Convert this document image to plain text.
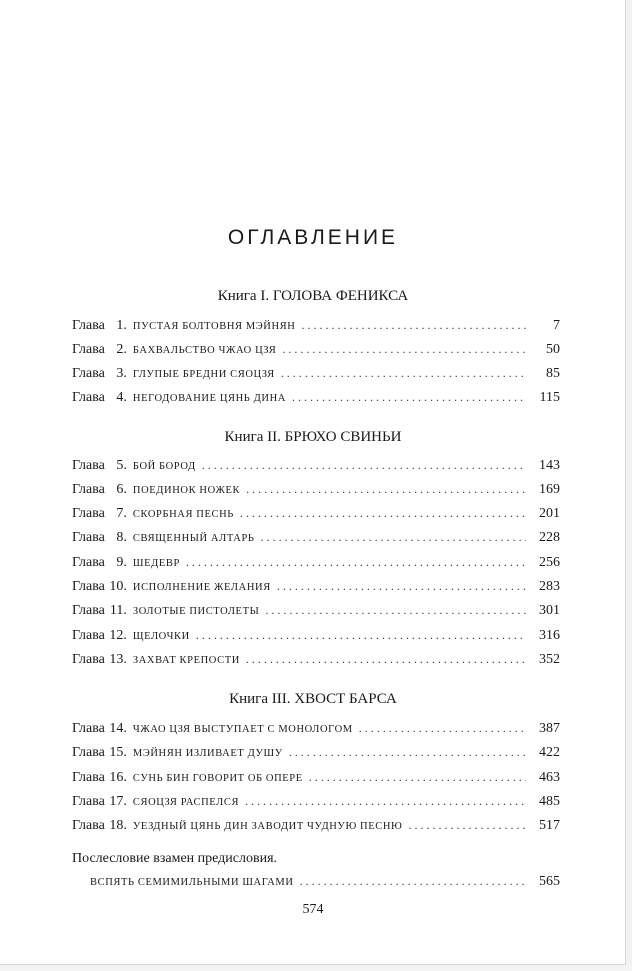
ОГЛАВЛЕНИЕ
Книга I. ГОЛОВА ФЕНИКСА
Глава 1. ПУСТАЯ БОЛТОВНЯ МЭЙНЯН . . .	7
Глава 2. БАХВАЛЬСТВО ЧЖАО ЦЗЯ . . .	50
Глава 3. ГЛУПЫЕ БРЕДНИ СЯОЦЗЯ . . .	85
Глава 4. НЕГОДОВАНИЕ ЦЯНЬ ДИНА . . .	115
Книга II. БРЮХО СВИНЬИ
Глава 5. БОЙ БОРОД . . .	143
Глава 6. ПОЕДИНОК НОЖЕК . . .	169
Глава 7. СКОРБНАЯ ПЕСНЬ . . .	201
Глава 8. СВЯЩЕННЫЙ АЛТАРЬ . . .	228
Глава 9. ШЕДЕВР . . .	256
Глава 10. ИСПОЛНЕНИЕ ЖЕЛАНИЯ . . .	283
Глава 11. ЗОЛОТЫЕ ПИСТОЛЕТЫ . . .	301
Глава 12. ЩЕЛОЧКИ . . .	316
Глава 13. ЗАХВАТ КРЕПОСТИ . . .	352
Книга III. ХВОСТ БАРСА
Глава 14. ЧЖАО ЦЗЯ ВЫСТУПАЕТ С МОНОЛОГОМ . . .	387
Глава 15. МЭЙНЯН ИЗЛИВАЕТ ДУШУ . . .	422
Глава 16. СУНЬ БИН ГОВОРИТ ОБ ОПЕРЕ . . .	463
Глава 17. СЯОЦЗЯ РАСПЕЛСЯ . . .	485
Глава 18. УЕЗДНЫЙ ЦЯНЬ ДИН ЗАВОДИТ ЧУДНУЮ ПЕСНЮ . . .	517
Послесловие взамен предисловия.
ВСПЯТЬ СЕМИМИЛЬНЫМИ ШАГАМИ . . .	565
574
